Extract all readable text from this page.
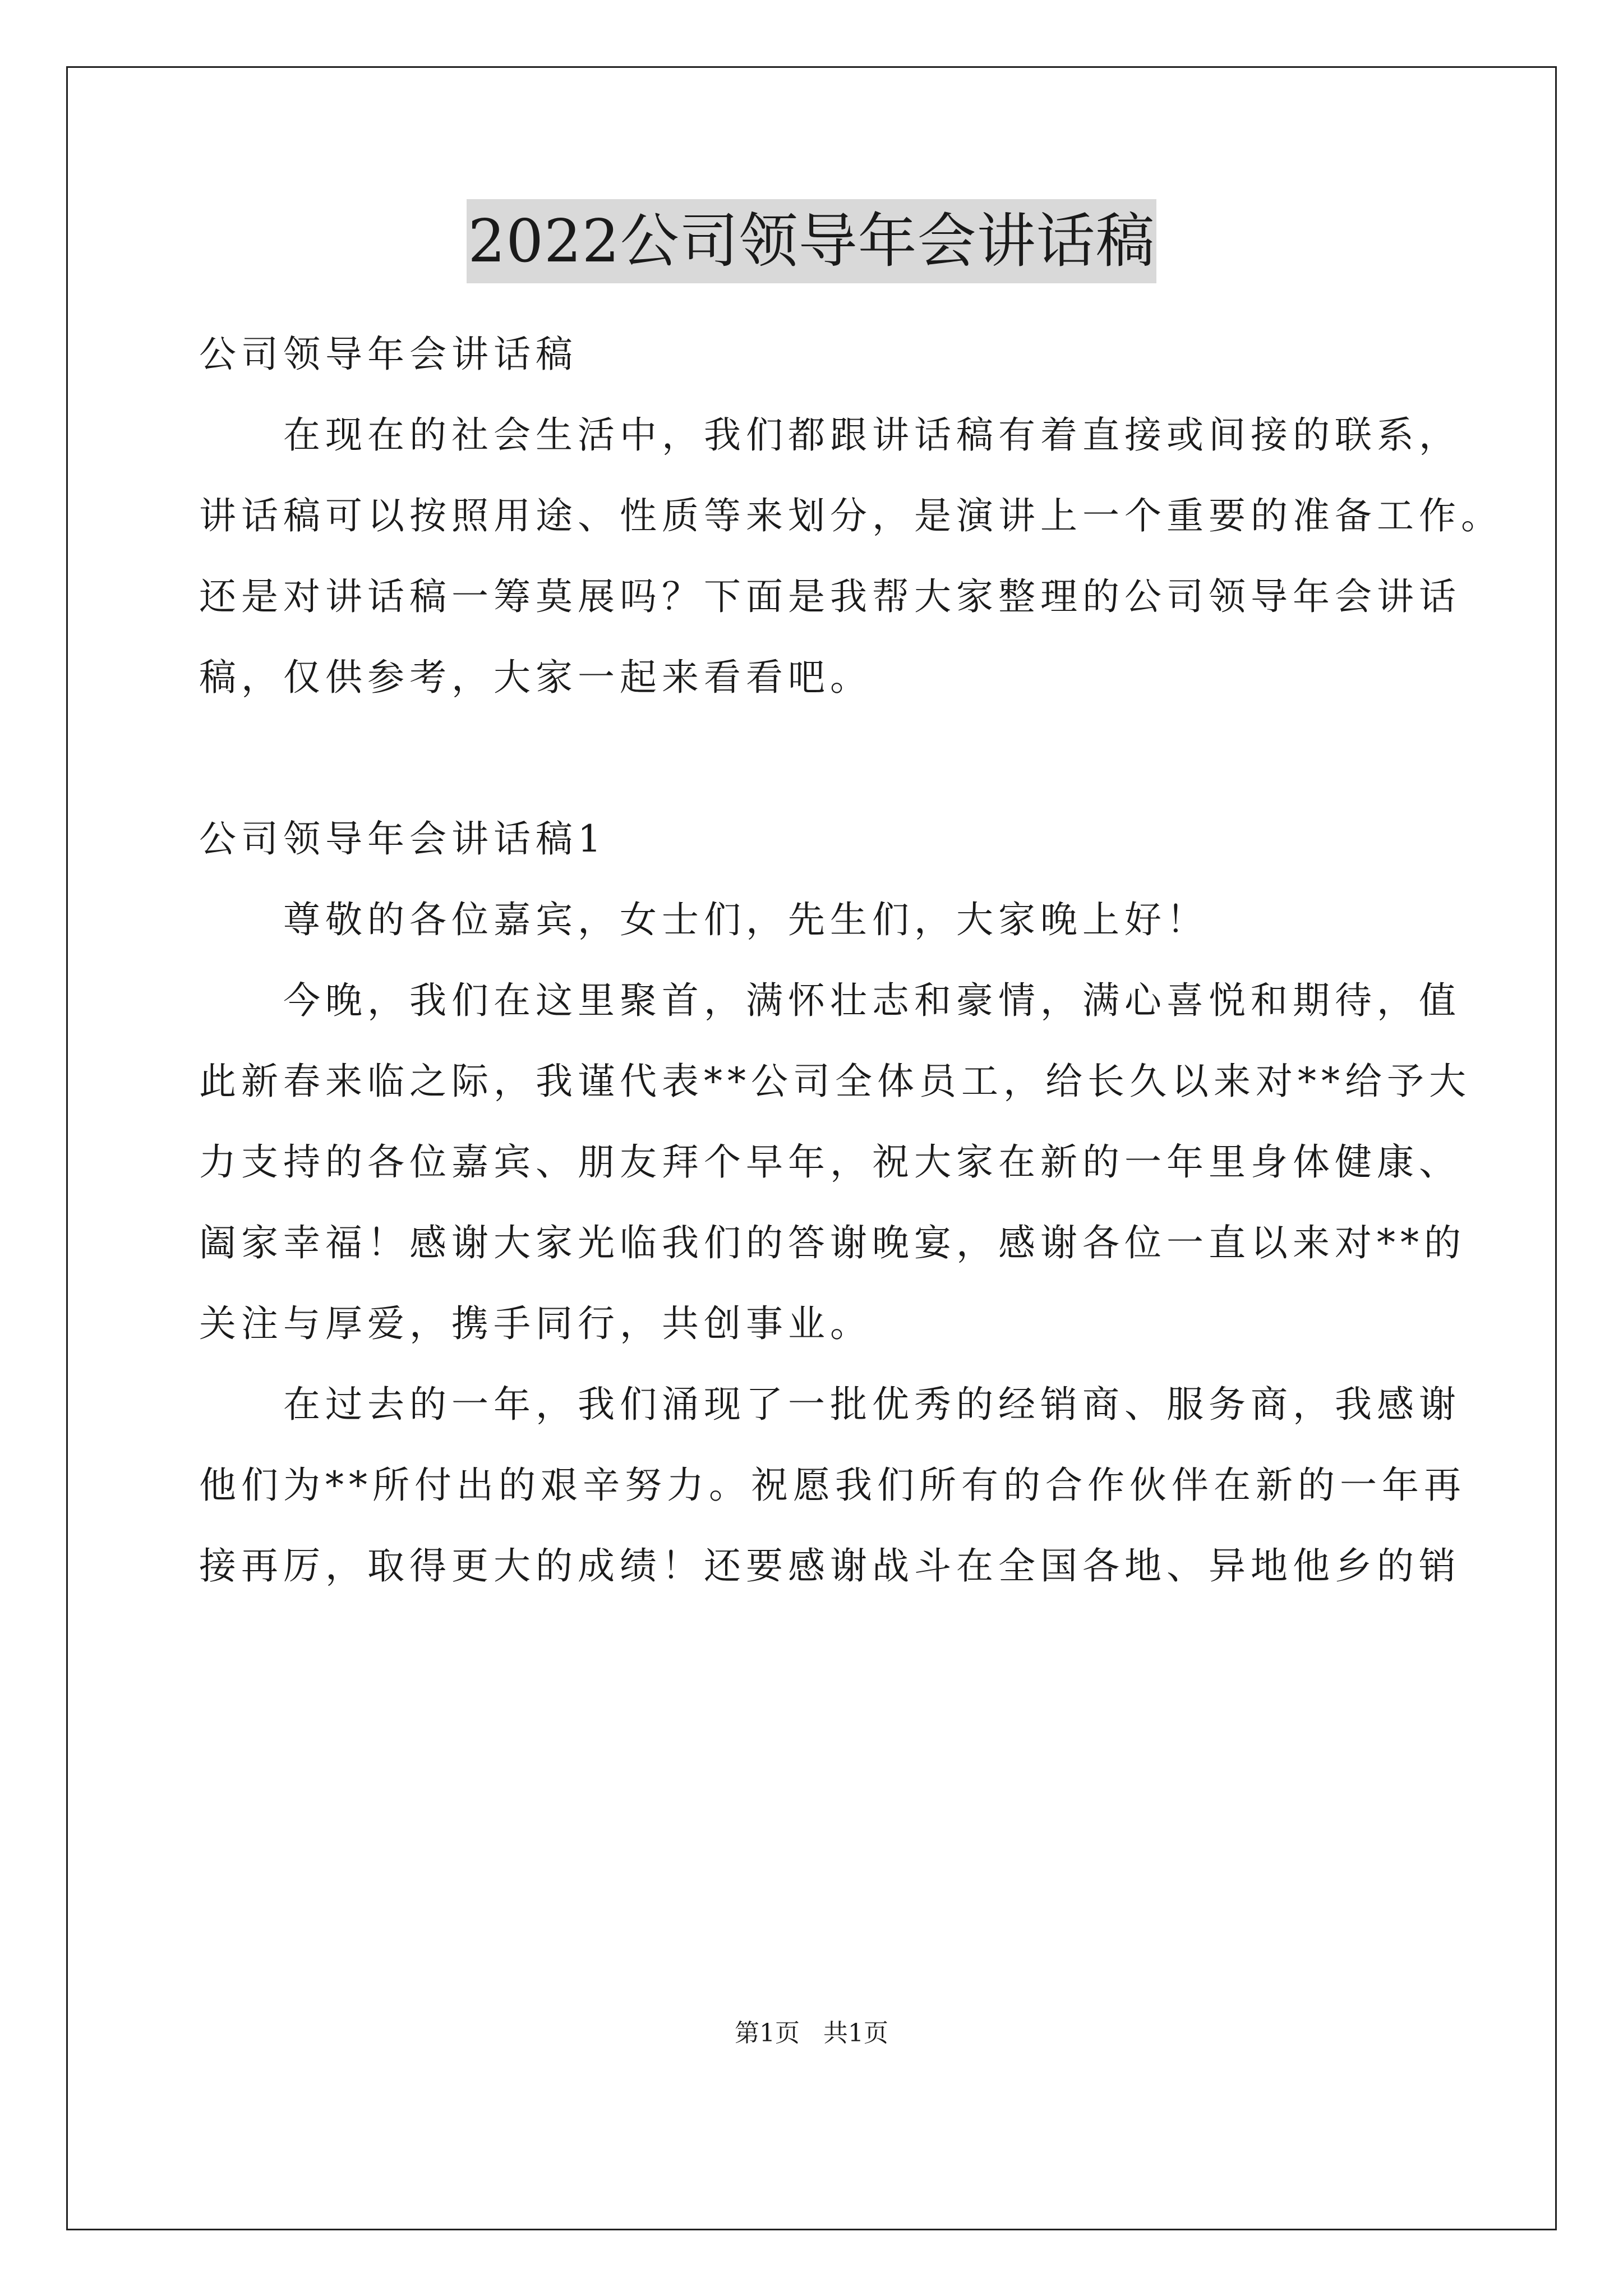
2022公司领导年会讲话稿
公司领导年会讲话稿
　　在现在的社会生活中，我们都跟讲话稿有着直接或间接的联系，
讲话稿可以按照用途、性质等来划分，是演讲上一个重要的准备工作。
还是对讲话稿一筹莫展吗？下面是我帮大家整理的公司领导年会讲话
稿，仅供参考，大家一起来看看吧。
公司领导年会讲话稿1
　　尊敬的各位嘉宾，女士们，先生们，大家晚上好！
　　今晚，我们在这里聚首，满怀壮志和豪情，满心喜悦和期待，值
此新春来临之际，我谨代表**公司全体员工，给长久以来对**给予大
力支持的各位嘉宾、朋友拜个早年，祝大家在新的一年里身体健康、
阖家幸福！感谢大家光临我们的答谢晚宴，感谢各位一直以来对**的
关注与厚爱，携手同行，共创事业。
　　在过去的一年，我们涌现了一批优秀的经销商、服务商，我感谢
他们为**所付出的艰辛努力。祝愿我们所有的合作伙伴在新的一年再
接再厉，取得更大的成绩！还要感谢战斗在全国各地、异地他乡的销
第1页   共1页
